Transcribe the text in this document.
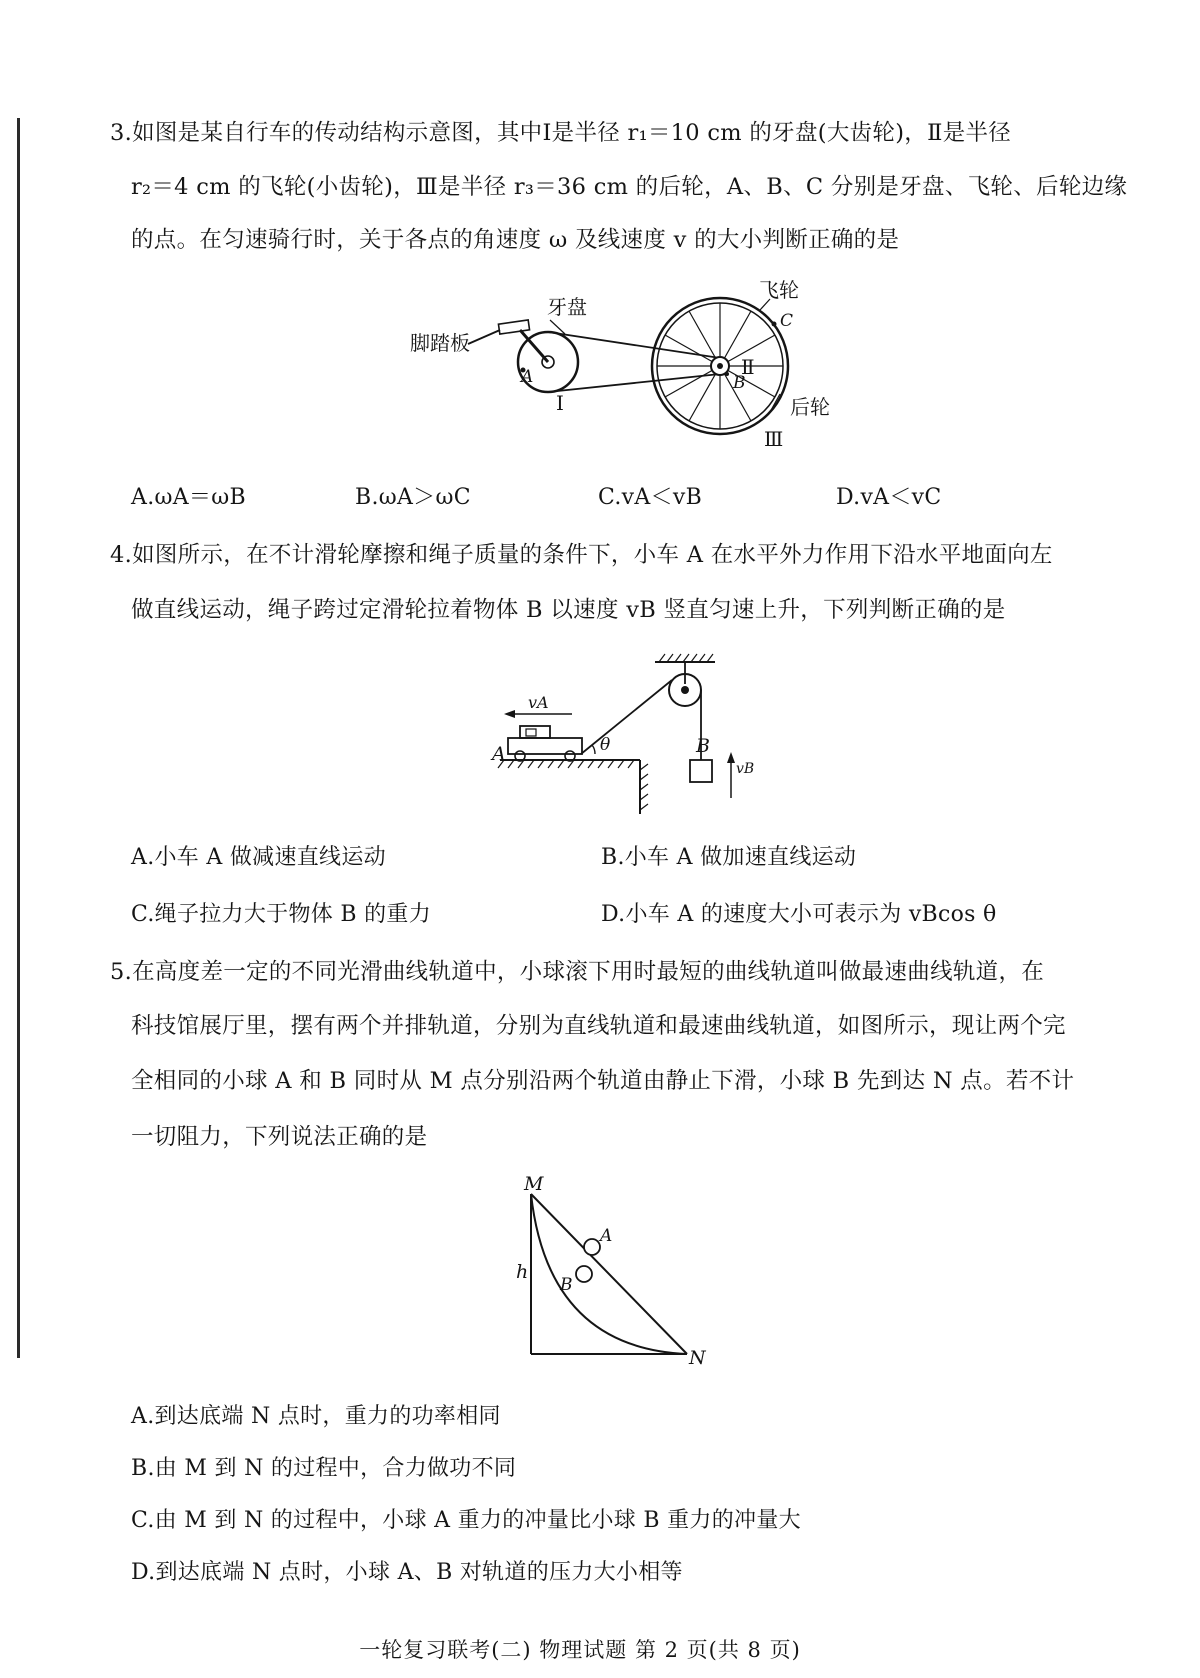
3.如图是某自行车的传动结构示意图，其中Ⅰ是半径 r₁＝10 cm 的牙盘(大齿轮)，Ⅱ是半径
r₂＝4 cm 的飞轮(小齿轮)，Ⅲ是半径 r₃＝36 cm 的后轮，A、B、C 分别是牙盘、飞轮、后轮边缘
的点。在匀速骑行时，关于各点的角速度 ω 及线速度 v 的大小判断正确的是
脚踏板
牙盘
飞轮
后轮
Ⅰ
Ⅱ
Ⅲ
A	B
C
A.ωA＝ωB	B.ωA＞ωC	C.vA＜vB	D.vA＜vC
4.如图所示，在不计滑轮摩擦和绳子质量的条件下，小车 A 在水平外力作用下沿水平地面向左
做直线运动，绳子跨过定滑轮拉着物体 B 以速度 vB 竖直匀速上升，下列判断正确的是
A	B
vA
vB
θ
A.小车 A 做减速直线运动	B.小车 A 做加速直线运动
C.绳子拉力大于物体 B 的重力	D.小车 A 的速度大小可表示为 vBcos θ
5.在高度差一定的不同光滑曲线轨道中，小球滚下用时最短的曲线轨道叫做最速曲线轨道，在
科技馆展厅里，摆有两个并排轨道，分别为直线轨道和最速曲线轨道，如图所示，现让两个完
全相同的小球 A 和 B 同时从 M 点分别沿两个轨道由静止下滑，小球 B 先到达 N 点。若不计
一切阻力，下列说法正确的是
M
N
h
A
B
A.到达底端 N 点时，重力的功率相同
B.由 M 到 N 的过程中，合力做功不同
C.由 M 到 N 的过程中，小球 A 重力的冲量比小球 B 重力的冲量大
D.到达底端 N 点时，小球 A、B 对轨道的压力大小相等
一轮复习联考(二) 物理试题 第 2 页(共 8 页)
